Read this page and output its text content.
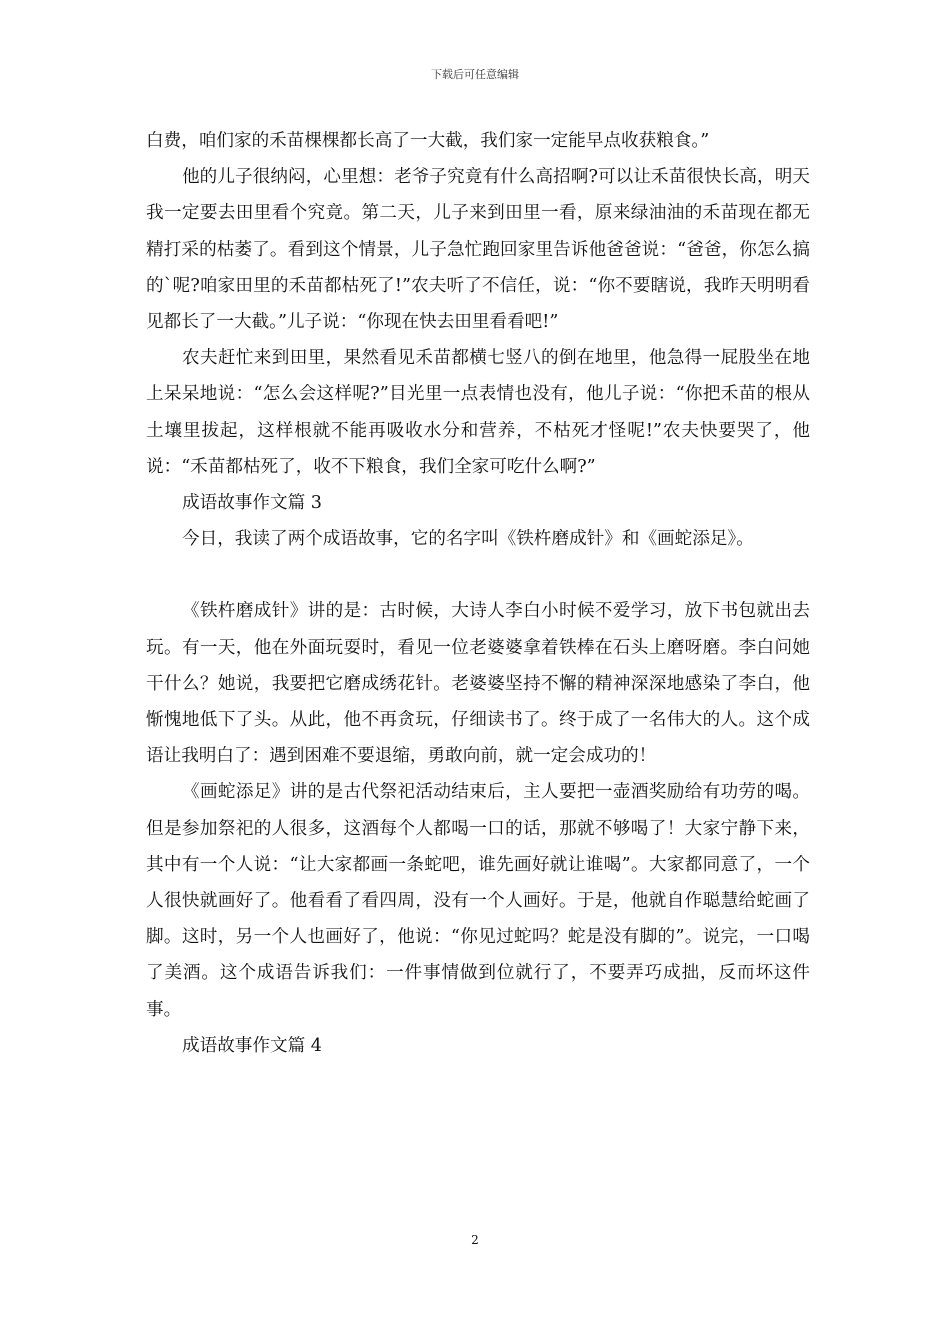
下载后可任意编辑

白费，咱们家的禾苗棵棵都长高了一大截，我们家一定能早点收获粮食。”

他的儿子很纳闷，心里想：老爷子究竟有什么高招啊?可以让禾苗很快长高，明天我一定要去田里看个究竟。第二天，儿子来到田里一看，原来绿油油的禾苗现在都无精打采的枯萎了。看到这个情景，儿子急忙跑回家里告诉他爸爸说：“爸爸，你怎么搞的`呢?咱家田里的禾苗都枯死了!”农夫听了不信任，说：“你不要瞎说，我昨天明明看见都长了一大截。”儿子说：“你现在快去田里看看吧!”

农夫赶忙来到田里，果然看见禾苗都横七竖八的倒在地里，他急得一屁股坐在地上呆呆地说：“怎么会这样呢?”目光里一点表情也没有，他儿子说：“你把禾苗的根从土壤里拔起，这样根就不能再吸收水分和营养，不枯死才怪呢!”农夫快要哭了，他说：“禾苗都枯死了，收不下粮食，我们全家可吃什么啊?”

成语故事作文篇 3

今日，我读了两个成语故事，它的名字叫《铁杵磨成针》和《画蛇添足》。

《铁杵磨成针》讲的是：古时候，大诗人李白小时候不爱学习，放下书包就出去玩。有一天，他在外面玩耍时，看见一位老婆婆拿着铁棒在石头上磨呀磨。李白问她干什么？她说，我要把它磨成绣花针。老婆婆坚持不懈的精神深深地感染了李白，他惭愧地低下了头。从此，他不再贪玩，仔细读书了。终于成了一名伟大的人。这个成语让我明白了：遇到困难不要退缩，勇敢向前，就一定会成功的！

《画蛇添足》讲的是古代祭祀活动结束后，主人要把一壶酒奖励给有功劳的喝。但是参加祭祀的人很多，这酒每个人都喝一口的话，那就不够喝了！大家宁静下来，其中有一个人说：“让大家都画一条蛇吧，谁先画好就让谁喝”。大家都同意了，一个人很快就画好了。他看看了看四周，没有一个人画好。于是，他就自作聪慧给蛇画了脚。这时，另一个人也画好了，他说：“你见过蛇吗？蛇是没有脚的”。说完，一口喝了美酒。这个成语告诉我们：一件事情做到位就行了，不要弄巧成拙，反而坏这件事。

成语故事作文篇 4

2
